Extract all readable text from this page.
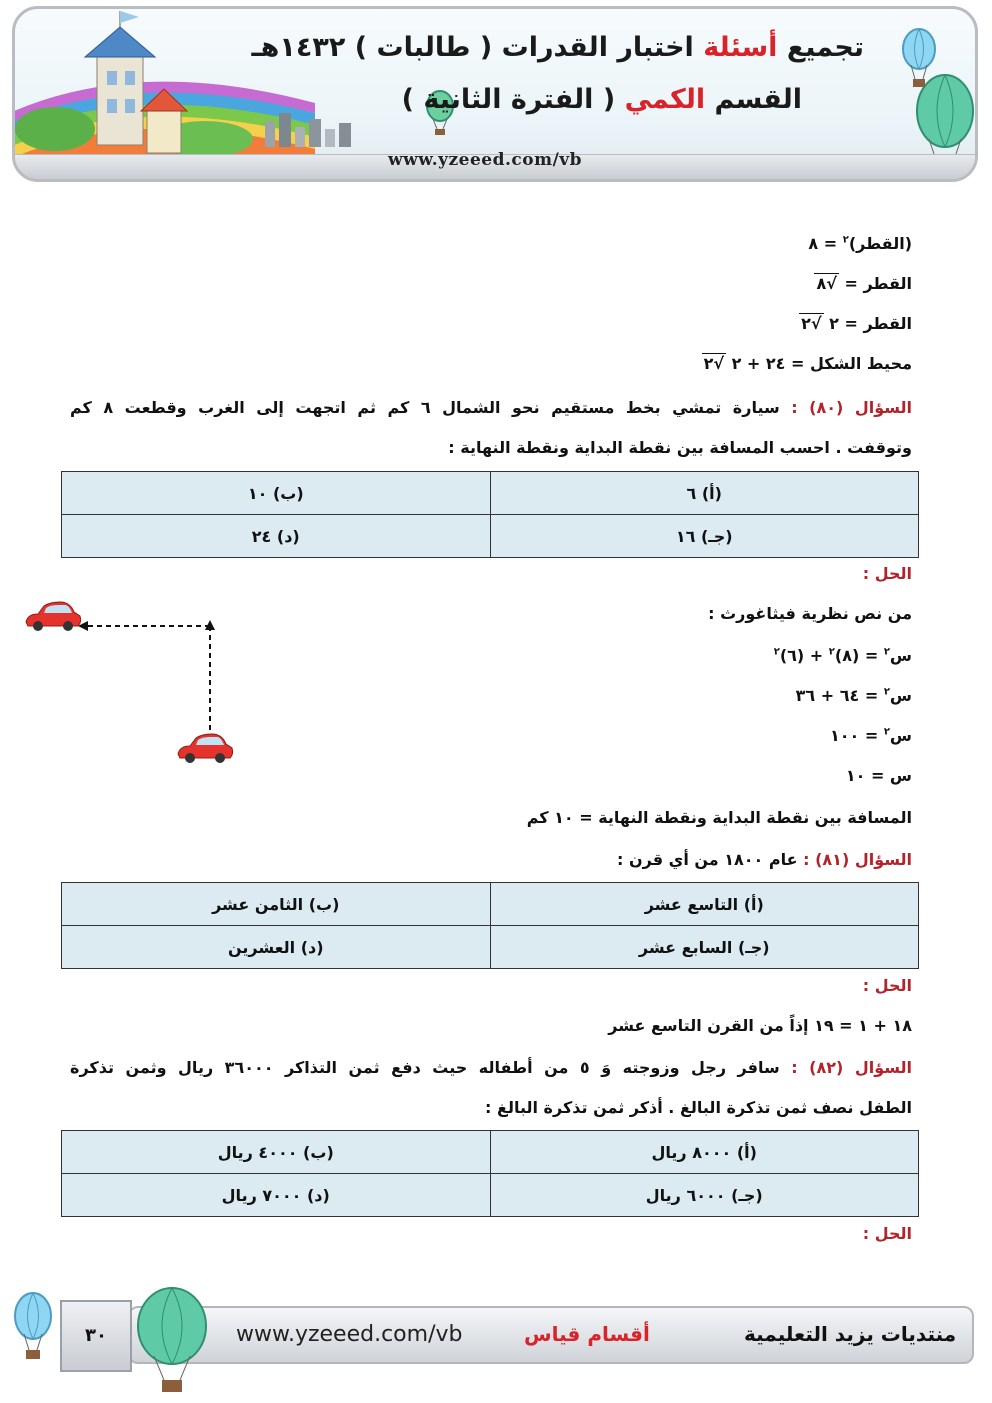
تجميع أسئلة اختبار القدرات ( طالبات ) ١٤٣٢هـ
القسم الكمي ( الفترة الثانية )
www.yzeeed.com/vb
(القطر)$^٢$ = ٨
القطر = √٨
القطر = ٢ √٢
محيط الشكل = ٢٤ + ٢ √٢
السؤال (٨٠) : سيارة تمشي بخط مستقيم نحو الشمال ٦ كم ثم اتجهت إلى الغرب وقطعت ٨ كم
وتوقفت . احسب المسافة بين نقطة البداية ونقطة النهاية :
(أ) ٦	(ب) ١٠
(جـ) ١٦	(د) ٢٤
الحل :
من نص نظرية فيثاغورث :
س$^٢$ = (٨)$^٢$ + (٦)$^٢$
س$^٢$ = ٦٤ + ٣٦
س$^٢$ = ١٠٠
س = ١٠
المسافة بين نقطة البداية ونقطة النهاية = ١٠ كم
السؤال (٨١) : عام ١٨٠٠ من أي قرن :
(أ) التاسع عشر	(ب) الثامن عشر
(جـ) السابع عشر	(د) العشرين
الحل :
١٨ + ١ = ١٩ إذاً من القرن التاسع عشر
السؤال (٨٢) : سافر رجل وزوجته وَ ٥ من أطفاله حيث دفع ثمن التذاكر ٣٦٠٠٠ ريال وثمن تذكرة
الطفل نصف ثمن تذكرة البالغ . أذكر ثمن تذكرة البالغ :
(أ) ٨٠٠٠ ريال	(ب) ٤٠٠٠ ريال
(جـ) ٦٠٠٠ ريال	(د) ٧٠٠٠ ريال
الحل :
٣٠	www.yzeeed.com/vb	أقسام قياس	منتديات يزيد التعليمية
